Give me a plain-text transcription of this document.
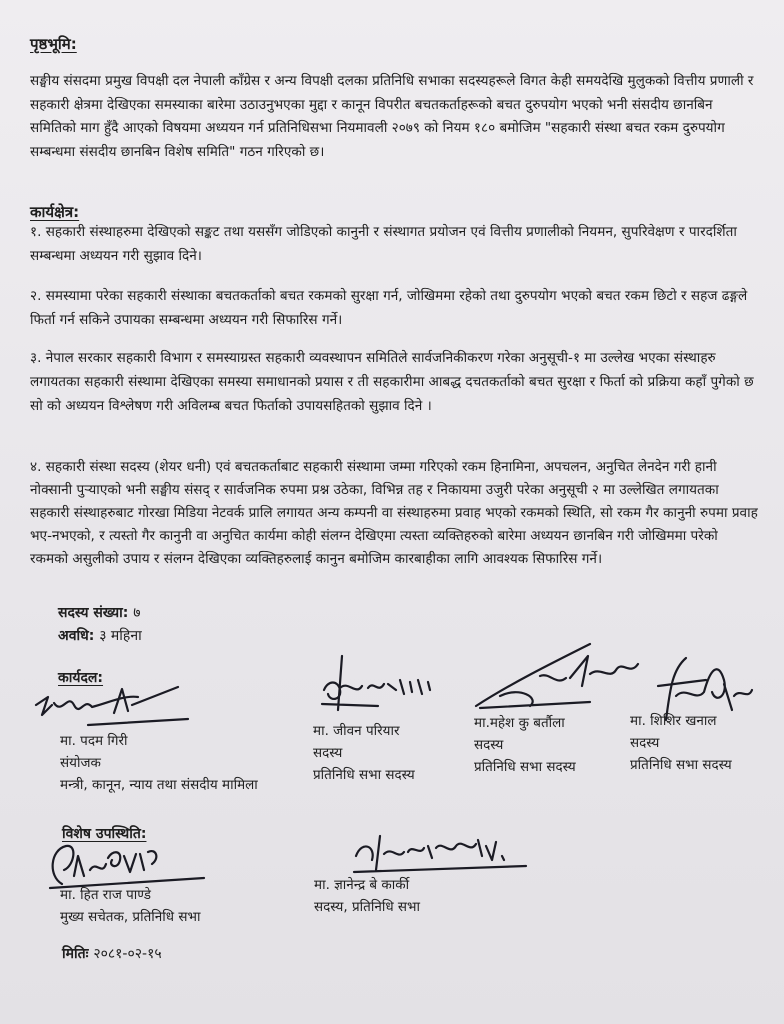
पृष्ठभूमि:

सङ्घीय संसदमा प्रमुख विपक्षी दल नेपाली काँग्रेस र अन्य विपक्षी दलका प्रतिनिधि सभाका सदस्यहरूले विगत केही समयदेखि मुलुकको वित्तीय प्रणाली र सहकारी क्षेत्रमा देखिएका समस्याका बारेमा उठाउनुभएका मुद्दा र कानून विपरीत बचतकर्ताहरूको बचत दुरुपयोग भएको भनी संसदीय छानबिन समितिको माग हुँदै आएको विषयमा अध्ययन गर्न प्रतिनिधिसभा नियमावली २०७९ को नियम १८० बमोजिम "सहकारी संस्था बचत रकम दुरुपयोग सम्बन्धमा संसदीय छानबिन विशेष समिति" गठन गरिएको छ।

कार्यक्षेत्र:

१. सहकारी संस्थाहरुमा देखिएको सङ्कट तथा यससँग जोडिएको कानुनी र संस्थागत प्रयोजन एवं वित्तीय प्रणालीको नियमन, सुपरिवेक्षण र पारदर्शिता सम्बन्धमा अध्ययन गरी सुझाव दिने।

२. समस्यामा परेका सहकारी संस्थाका बचतकर्ताको बचत रकमको सुरक्षा गर्न, जोखिममा रहेको तथा दुरुपयोग भएको बचत रकम छिटो र सहज ढङ्गले फिर्ता गर्न सकिने उपायका सम्बन्धमा अध्ययन गरी सिफारिस गर्ने।

३. नेपाल सरकार सहकारी विभाग र समस्याग्रस्त सहकारी व्यवस्थापन समितिले सार्वजनिकीकरण गरेका अनुसूची-१ मा उल्लेख भएका संस्थाहरु लगायतका सहकारी संस्थामा देखिएका समस्या समाधानको प्रयास र ती सहकारीमा आबद्ध दचतकर्ताको बचत सुरक्षा र फिर्ता को प्रक्रिया कहाँ पुगेको छ सो को अध्ययन विश्लेषण गरी अविलम्ब बचत फिर्ताको उपायसहितको सुझाव दिने ।

४. सहकारी संस्था सदस्य (शेयर धनी) एवं बचतकर्ताबाट सहकारी संस्थामा जम्मा गरिएको रकम हिनामिना, अपचलन, अनुचित लेनदेन गरी हानी नोक्सानी पुऱ्याएको भनी सङ्घीय संसद् र सार्वजनिक रुपमा प्रश्न उठेका, विभिन्न तह र निकायमा उजुरी परेका अनुसूची २ मा उल्लेखित लगायतका सहकारी संस्थाहरुबाट गोरखा मिडिया नेटवर्क प्रालि लगायत अन्य कम्पनी वा संस्थाहरुमा प्रवाह भएको रकमको स्थिति, सो रकम गैर कानुनी रुपमा प्रवाह भए-नभएको, र त्यस्तो गैर कानुनी वा अनुचित कार्यमा कोही संलग्न देखिएमा त्यस्ता व्यक्तिहरुको बारेमा अध्ययन छानबिन गरी जोखिममा परेको रकमको असुलीको उपाय र संलग्न देखिएका व्यक्तिहरुलाई कानुन बमोजिम कारबाहीका लागि आवश्यक सिफारिस गर्ने।

सदस्य संख्या: ७
अवधि: ३ महिना
कार्यदल:
मा. पदम गिरी
संयोजक
मन्त्री, कानून, न्याय तथा संसदीय मामिला
मा. जीवन परियार
सदस्य
प्रतिनिधि सभा सदस्य
मा.महेश कु बर्तौला
सदस्य
प्रतिनिधि सभा सदस्य
मा. शिशिर खनाल
सदस्य
प्रतिनिधि सभा सदस्य
विशेष उपस्थिति:
मा. हित राज पाण्डे
मुख्य सचेतक, प्रतिनिधि सभा
मा. ज्ञानेन्द्र बे कार्की
सदस्य, प्रतिनिधि सभा
मितिः २०८१-०२-१५
